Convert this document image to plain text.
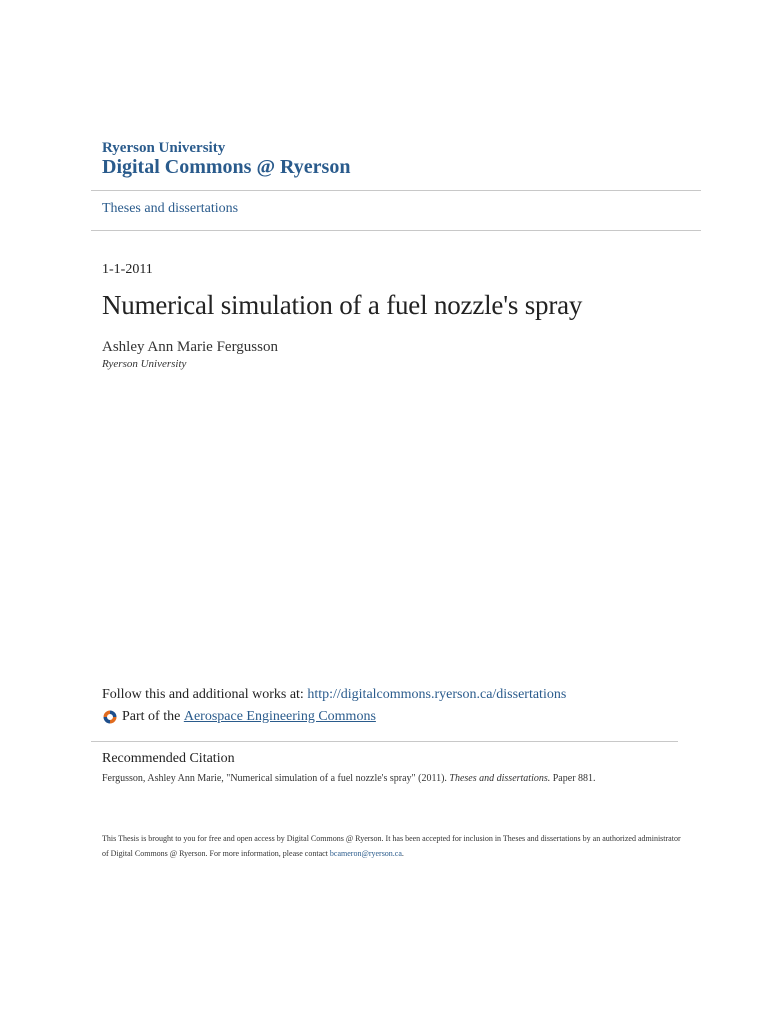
Ryerson University
Digital Commons @ Ryerson
Theses and dissertations
1-1-2011
Numerical simulation of a fuel nozzle's spray
Ashley Ann Marie Fergusson
Ryerson University
Follow this and additional works at: http://digitalcommons.ryerson.ca/dissertations
Part of the
Aerospace Engineering Commons
Recommended Citation
Fergusson, Ashley Ann Marie, "Numerical simulation of a fuel nozzle's spray" (2011). Theses and dissertations. Paper 881.
This Thesis is brought to you for free and open access by Digital Commons @ Ryerson. It has been accepted for inclusion in Theses and dissertations by an authorized administrator of Digital Commons @ Ryerson. For more information, please contact bcameron@ryerson.ca.
